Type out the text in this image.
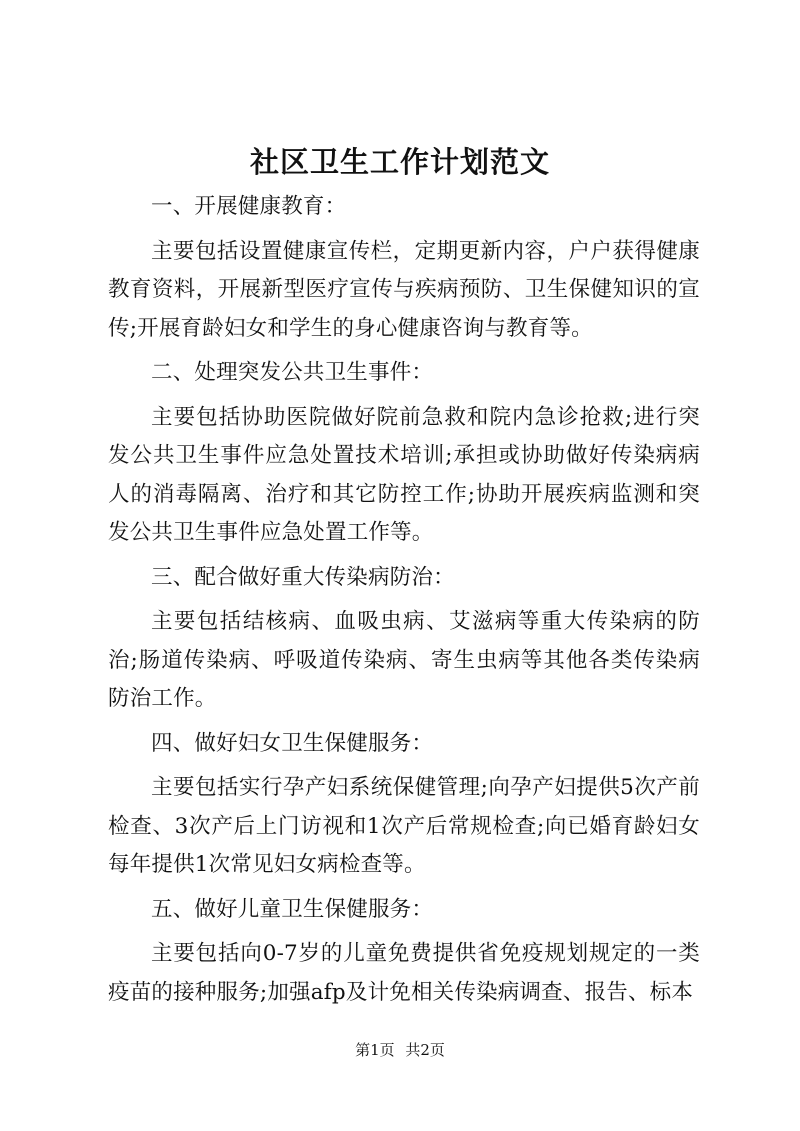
社区卫生工作计划范文

一、开展健康教育：

主要包括设置健康宣传栏，定期更新内容，户户获得健康教育资料，开展新型医疗宣传与疾病预防、卫生保健知识的宣传;开展育龄妇女和学生的身心健康咨询与教育等。

二、处理突发公共卫生事件：

主要包括协助医院做好院前急救和院内急诊抢救;进行突发公共卫生事件应急处置技术培训;承担或协助做好传染病病人的消毒隔离、治疗和其它防控工作;协助开展疾病监测和突发公共卫生事件应急处置工作等。

三、配合做好重大传染病防治：

主要包括结核病、血吸虫病、艾滋病等重大传染病的防治;肠道传染病、呼吸道传染病、寄生虫病等其他各类传染病防治工作。

四、做好妇女卫生保健服务：

主要包括实行孕产妇系统保健管理;向孕产妇提供5次产前检查、3次产后上门访视和1次产后常规检查;向已婚育龄妇女每年提供1次常见妇女病检查等。

五、做好儿童卫生保健服务：

主要包括向0-7岁的儿童免费提供省免疫规划规定的一类疫苗的接种服务;加强afp及计免相关传染病调查、报告、标本

第1页 共2页
